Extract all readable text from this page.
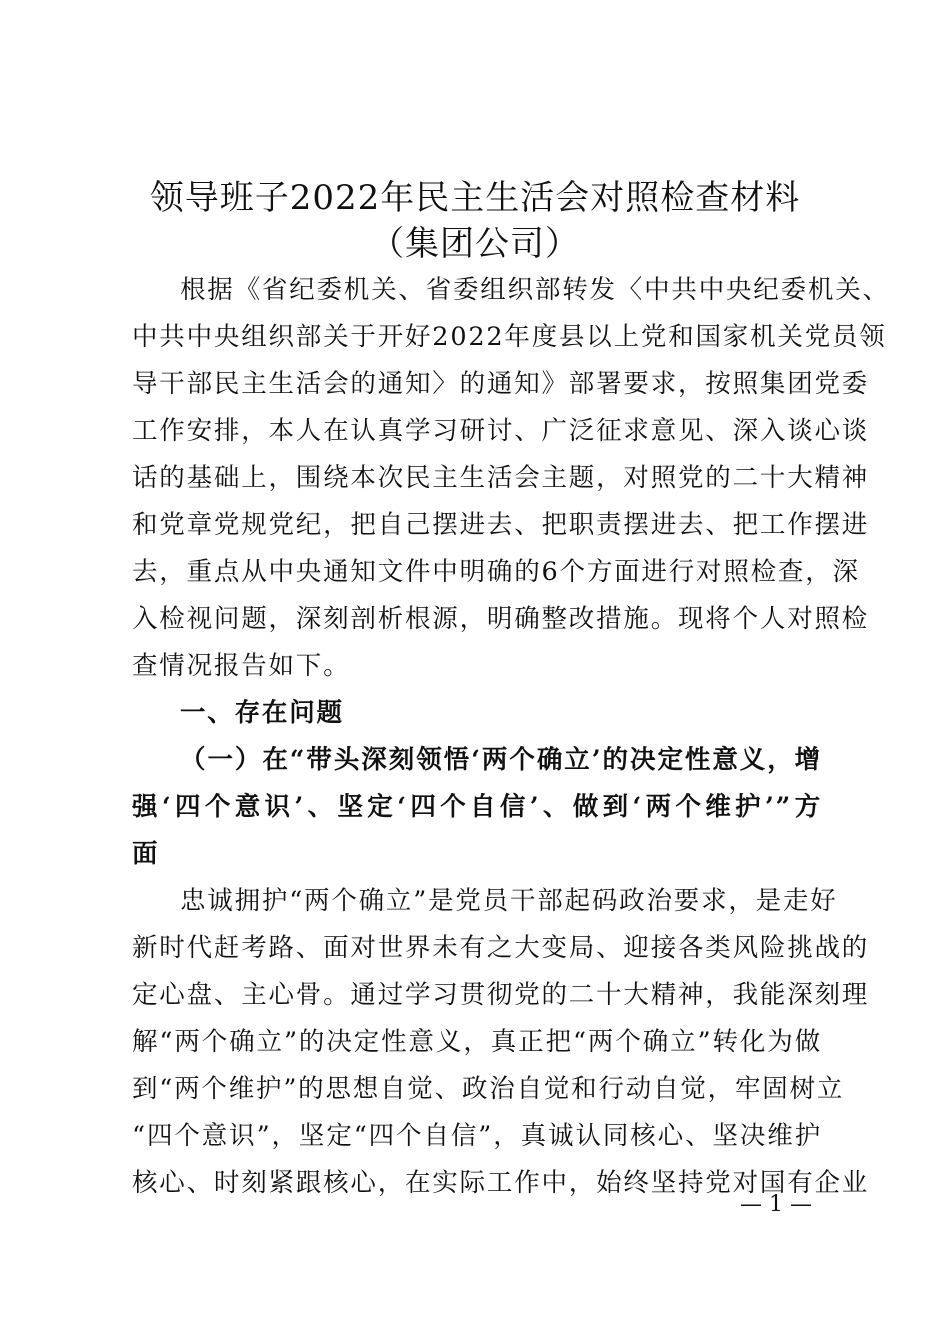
领导班子2022年民主生活会对照检查材料
（集团公司）
根据《省纪委机关、省委组织部转发〈中共中央纪委机关、
中共中央组织部关于开好2022年度县以上党和国家机关党员领
导干部民主生活会的通知〉的通知》部署要求，按照集团党委
工作安排，本人在认真学习研讨、广泛征求意见、深入谈心谈
话的基础上，围绕本次民主生活会主题，对照党的二十大精神
和党章党规党纪，把自己摆进去、把职责摆进去、把工作摆进
去，重点从中央通知文件中明确的6个方面进行对照检查，深
入检视问题，深刻剖析根源，明确整改措施。现将个人对照检
查情况报告如下。
一、存在问题
（一）在“带头深刻领悟‘两个确立’的决定性意义，增
强‘四个意识’、坚定‘四个自信’、做到‘两个维护’”方
面
忠诚拥护“两个确立”是党员干部起码政治要求，是走好
新时代赶考路、面对世界未有之大变局、迎接各类风险挑战的
定心盘、主心骨。通过学习贯彻党的二十大精神，我能深刻理
解“两个确立”的决定性意义，真正把“两个确立”转化为做
到“两个维护”的思想自觉、政治自觉和行动自觉，牢固树立
“四个意识”，坚定“四个自信”，真诚认同核心、坚决维护
核心、时刻紧跟核心，在实际工作中，始终坚持党对国有企业
— 1 —
